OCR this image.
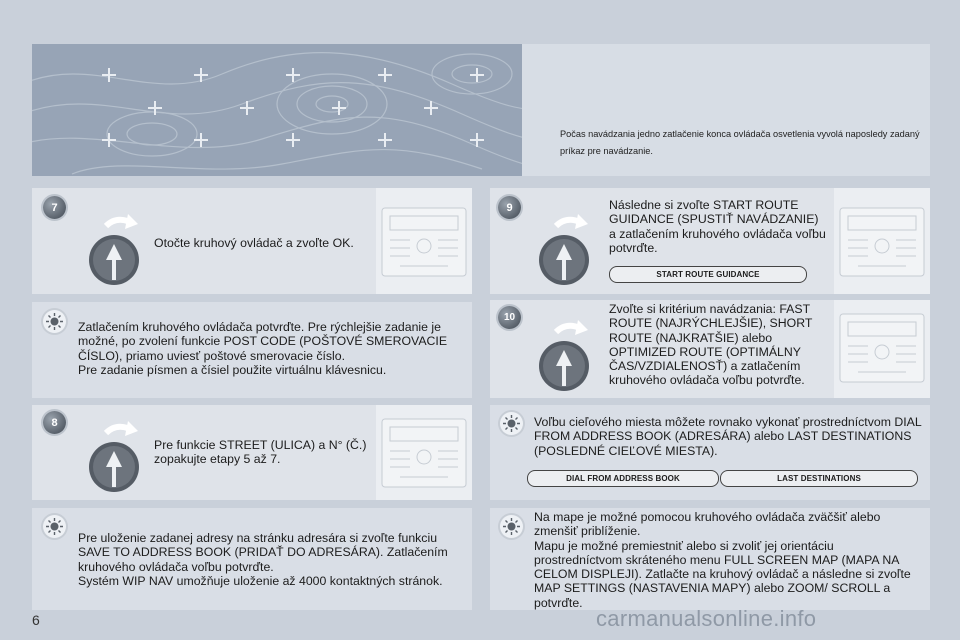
Počas navádzania jedno zatlačenie konca ovládača osvetlenia vyvolá naposledy zadaný príkaz pre navádzanie.
7
Otočte kruhový ovládač a zvoľte OK.
Zatlačením kruhového ovládača potvrďte. Pre rýchlejšie zadanie je možné, po zvolení funkcie POST CODE (POŠTOVÉ SMEROVACIE ČÍSLO), priamo uviesť poštové smerovacie číslo.
Pre zadanie písmen a čísiel použite virtuálnu klávesnicu.
8
Pre funkcie STREET (ULICA) a N° (Č.) zopakujte etapy 5 až 7.
Pre uloženie zadanej adresy na stránku adresára si zvoľte funkciu SAVE TO ADDRESS BOOK (PRIDAŤ DO ADRESÁRA). Zatlačením kruhového ovládača voľbu potvrďte.
Systém WIP NAV umožňuje uloženie až 4000 kontaktných stránok.
9	Následne si zvoľte START ROUTE GUIDANCE (SPUSTIŤ NAVÁDZANIE) a zatlačením kruhového ovládača voľbu potvrďte.
START ROUTE GUIDANCE
10
Zvoľte si kritérium navádzania: FAST ROUTE (NAJRÝCHLEJŠIE), SHORT ROUTE (NAJKRATŠIE) alebo OPTIMIZED ROUTE (OPTIMÁLNY ČAS/VZDIALENOSŤ) a zatlačením kruhového ovládača voľbu potvrďte.
Voľbu cieľového miesta môžete rovnako vykonať prostredníctvom DIAL FROM ADDRESS BOOK (ADRESÁRA) alebo LAST DESTINATIONS (POSLEDNÉ CIEĽOVÉ MIESTA).
DIAL FROM ADDRESS BOOK	LAST DESTINATIONS
Na mape je možné pomocou kruhového ovládača zväčšiť alebo zmenšiť priblíženie.
Mapu je možné premiestniť alebo si zvoliť jej orientáciu prostredníctvom skráteného menu FULL SCREEN MAP (MAPA NA CELOM DISPLEJI). Zatlačte na kruhový ovládač a následne si zvoľte MAP SETTINGS (NASTAVENIA MAPY) alebo ZOOM/ SCROLL a potvrďte.
6	carmanualsonline.info
